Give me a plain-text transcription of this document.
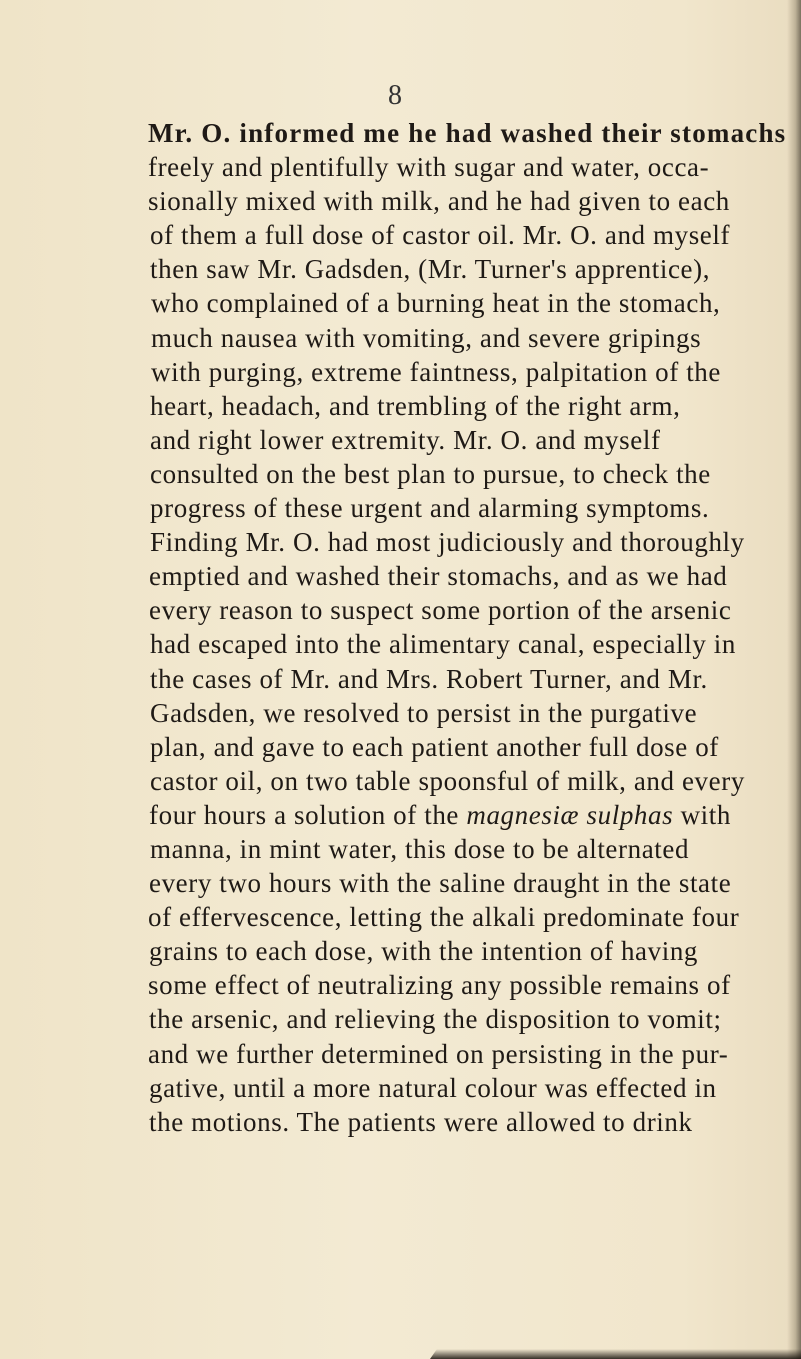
8
Mr. O. informed me he had washed their stomachs
freely and plentifully with sugar and water, occa-
sionally mixed with milk, and he had given to each
of them a full dose of castor oil. Mr. O. and myself
then saw Mr. Gadsden, (Mr. Turner's apprentice),
who complained of a burning heat in the stomach,
much nausea with vomiting, and severe gripings
with purging, extreme faintness, palpitation of the
heart, headach, and trembling of the right arm,
and right lower extremity. Mr. O. and myself
consulted on the best plan to pursue, to check the
progress of these urgent and alarming symptoms.
Finding Mr. O. had most judiciously and thoroughly
emptied and washed their stomachs, and as we had
every reason to suspect some portion of the arsenic
had escaped into the alimentary canal, especially in
the cases of Mr. and Mrs. Robert Turner, and Mr.
Gadsden, we resolved to persist in the purgative
plan, and gave to each patient another full dose of
castor oil, on two table spoonsful of milk, and every
four hours a solution of the magnesiæ sulphas with
manna, in mint water, this dose to be alternated
every two hours with the saline draught in the state
of effervescence, letting the alkali predominate four
grains to each dose, with the intention of having
some effect of neutralizing any possible remains of
the arsenic, and relieving the disposition to vomit;
and we further determined on persisting in the pur-
gative, until a more natural colour was effected in
the motions. The patients were allowed to drink
